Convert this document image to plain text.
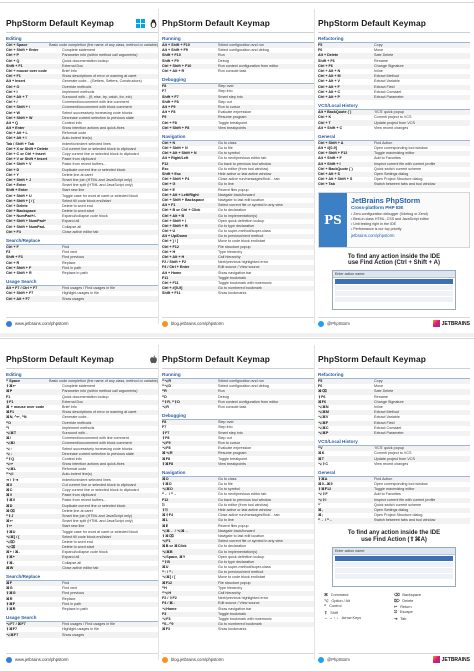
PhpStorm Default Keymap
Editing
Ctrl + Space	Basic code completion (the name of any class, method or variable)
Ctrl + Shift + Enter	Complete statement
Ctrl + P	Parameter info (within method call arguments)
Ctrl + Q	Quick documentation lookup
Shift + F1	External Doc
Ctrl + mouse over code	Brief Info
Ctrl + F1	Show descriptions of error or warning at caret
Alt + Insert	Generate code... (Getters, Setters, Constructors)
Ctrl + O	Override methods
Ctrl + I	Implement methods
Ctrl + Alt + T	Surround with... (if, else, try, catch, for, etc)
Ctrl + /	Comment/uncomment with line comment
Ctrl + Shift + /	Comment/uncomment with block comment
Ctrl + W	Select successively increasing code blocks
Ctrl + Shift + W	Decrease current selection to previous state
Alt + Q	Context info
Alt + Enter	Show intention actions and quick-fixes
Ctrl + Alt + L	Reformat code
Ctrl + Alt + I	Auto-indent line(s)
Tab / Shift + Tab	Indent/unindent selected lines
Ctrl + X or Shift + Delete	Cut current line or selected block to clipboard
Ctrl + C or Ctrl + Insert	Copy current line or selected block to clipboard
Ctrl + V or Shift + Insert	Paste from clipboard
Ctrl + Shift + V	Paste from recent buffers...
Ctrl + D	Duplicate current line or selected block
Ctrl + Y	Delete line at caret
Ctrl + Shift + J	Smart line join (HTML and JavaScript only)
Ctrl + Enter	Smart line split (HTML and JavaScript only)
Shift + Enter	Start new line
Ctrl + Shift + U	Toggle case for word at caret or selected block
Ctrl + Shift + ] / [	Select till code block end/start
Ctrl + Delete	Delete to word end
Ctrl + Backspace	Delete to word start
Ctrl + NumPad+/-	Expand/collapse code block
Ctrl + Shift + NumPad+	Expand all
Ctrl + Shift + NumPad-	Collapse all
Ctrl + F4	Close active editor tab
Search/Replace
Ctrl + F	Find
F3	Find next
Shift + F3	Find previous
Ctrl + R	Replace
Ctrl + Shift + F	Find in path
Ctrl + Shift + R	Replace in path
Usage Search
Alt + F7 / Ctrl + F7	Find usages / Find usages in file
Ctrl + Shift + F7	Highlight usages in file
Ctrl + Alt + F7	Show usages
www.jetbrains.com/phpstorm
PhpStorm Default Keymap
Running
Alt + Shift + F10	Select configuration and run
Alt + Shift + F9	Select configuration and debug
Shift + F10	Run
Shift + F9	Debug
Ctrl + Shift + F10	Run context configuration from editor
Ctrl + Alt + R	Run console task
Debugging
F8	Step over
F7	Step into
Shift + F7	Smart step into
Shift + F8	Step out
Alt + F9	Run to cursor
Alt + F8	Evaluate expression
F9	Resume program
Ctrl + F8	Toggle breakpoint
Ctrl + Shift + F8	View breakpoints
Navigation
Ctrl + N	Go to class
Ctrl + Shift + N	Go to file
Ctrl + Alt + Shift + N	Go to symbol
Alt + Right/Left	Go to next/previous editor tab
F12	Go back to previous tool window
Esc	Go to editor (from tool window)
Shift + Esc	Hide active or last active window
Ctrl + Shift + F4	Close active run/messages/find/... tab
Ctrl + G	Go to line
Ctrl + E	Recent files popup
Ctrl + Alt + Left/Right	Navigate back/forward
Ctrl + Shift + Backspace	Navigate to last edit location
Alt + F1	Select current file or symbol in any view
Ctrl + B or Ctrl + Click	Go to declaration
Ctrl + Alt + B	Go to implementation(s)
Ctrl + Shift + I	Open quick definition lookup
Ctrl + Shift + B	Go to type declaration
Ctrl + U	Go to super-method/super-class
Alt + Up/Down	Go to previous/next method
Ctrl + ] / [	Move to code block end/start
Ctrl + F12	File structure popup
Ctrl + H	Type hierarchy
Ctrl + Alt + H	Call hierarchy
F2 / Shift + F2	Next/previous highlighted error
F4 / Ctrl + Enter	Edit source / View source
Alt + Home	Show navigation bar
F11	Toggle bookmark
Ctrl + F11	Toggle bookmark with mnemonic
Ctrl + #[0-9]	Go to numbered bookmark
Shift + F11	Show bookmarks
blog.jetbrains.com/phpstorm
PhpStorm Default Keymap
Refactoring
F5	Copy
F6	Move
Alt + Delete	Safe Delete
Shift + F6	Rename
Ctrl + F6	Change Signature
Ctrl + Alt + N	Inline
Ctrl + Alt + M	Extract Method
Ctrl + Alt + V	Extract Variable
Ctrl + Alt + F	Extract Field
Ctrl + Alt + C	Extract Constant
Ctrl + Alt + P	Extract Parameter
VCS/Local History
Alt + BackQuote (`)	'VCS' quick popup
Ctrl + K	Commit project to VCS
Ctrl + T	Update project from VCS
Alt + Shift + C	View recent changes
General
Ctrl + Shift + A	Find Action
Alt + #[0-9]	Open corresponding tool window
Ctrl + Shift + F12	Toggle maximizing editor
Alt + Shift + F	Add to Favorites
Alt + Shift + I	Inspect current file with current profile
Ctrl + BackQuote (`)	Quick switch current scheme
Ctrl + Alt + S	Open Settings dialog
Ctrl + Alt + Shift + S	Open Project Structure dialog
Ctrl + Tab	Switch between tabs and tool window
PS
JetBrains PhpStorm
Cross-platform PHP IDE
• Zero-configuration debugger (Xdebug or Zend)
• Best-in-class HTML, CSS and JavaScript editor
• Unit testing right in the IDE
• Performance is our top priority
jetbrains.com/phpstorm
To find any action inside the IDE
use Find Action (Ctrl + Shift + A)
Enter action name:
@PhpStorm	JETBRAINS
PhpStorm Default Keymap
Editing
^ Space	Basic code completion (the name of any class, method or variable)
⇧⌘↩	Complete statement
⌘P	Parameter info (within method call arguments)
F1	Quick documentation lookup
⇧F1	External Doc
⌘ + mouse over code	Brief Info
⌘F1	Show descriptions of error or warning at caret
⌘N, ^↩, ^N	Generate code...
^O	Override methods
^I	Implement methods
⌥⌘T	Surround with...
⌘/	Comment/uncomment with line comment
⌥⌘/	Comment/uncomment with block comment
⌥↑	Select successively increasing code blocks
⌥↓	Decrease current selection to previous state
^⇧Q	Context info
⌥↩	Show intention actions and quick-fixes
⌥⌘L	Reformat code
^⌥I	Auto-indent line(s)
⇥ / ⇧⇥	Indent/unindent selected lines
⌘X	Cut current line or selected block to clipboard
⌘C	Copy current line or selected block to clipboard
⌘V	Paste from clipboard
⇧⌘V	Paste from recent buffers...
⌘D	Duplicate current line or selected block
⌘⌫	Delete line at caret
^⇧J	Smart line join (HTML and JavaScript only)
⌘↩	Smart line split (HTML and JavaScript only)
⇧↩	Start new line
⇧⌘U	Toggle case for word at caret or selected block
⌥⌘] / [	Select till code block end/start
⌥⌦	Delete to word end
⌥⌫	Delete to word start
⌘+ / ⌘-	Expand/collapse code block
⇧⌘+	Expand all
⇧⌘-	Collapse all
⌘W	Close active editor tab
Search/Replace
⌘F	Find
⌘G	Find next
⇧⌘G	Find previous
⌘R	Replace
⇧⌘F	Find in path
⇧⌘R	Replace in path
Usage Search
⌥F7 / ⌘F7	Find usages / Find usages in file
⇧⌘F7	Highlight usages in file
⌥⌘F7	Show usages
www.jetbrains.com/phpstorm
PhpStorm Default Keymap
Running
^⌥R	Select configuration and run
^⌥D	Select configuration and debug
^R	Run
^D	Debug
^⇧R, ^⇧D	Run context configuration from editor
⌥R	Run console task
Debugging
F8	Step over
F7	Step into
⇧F7	Smart step into
⇧F8	Step out
⌥F9	Run to cursor
⌥F8	Evaluate expression
⌘⌥R	Resume program
⌘F8	Toggle breakpoint
⇧⌘F8	View breakpoints
Navigation
⌘O	Go to class
⇧⌘O	Go to file
⌥⌘O	Go to symbol
^← / ^→	Go to next/previous editor tab
F12	Go back to previous tool window
⎋	Go to editor (from tool window)
⇧⎋	Hide active or last active window
⌘⇧F4	Close active run/messages/find/... tab
⌘L	Go to line
⌘E	Recent files popup
⌥⌘← / ⌥⌘→	Navigate back/forward
⇧⌘⌫	Navigate to last edit location
⌥F1	Select current file or symbol in any view
⌘B or ⌘Click	Go to declaration
⌥⌘B	Go to implementation(s)
⌥Space, ⌘Y	Open quick definition lookup
^⇧B	Go to type declaration
⌘U	Go to super-method/super-class
^↑ / ^↓	Go to previous/next method
⌥⌘] / [	Move to code block end/start
⌘F12	File structure popup
^H	Type hierarchy
^⌥H	Call hierarchy
F2 / ⇧F2	Next/previous highlighted error
F4 / ⌘↓	Edit source / View source
⌥Home	Show navigation bar
F3	Toggle bookmark
⌥F3	Toggle bookmark with mnemonic
^0...^9	Go to numbered bookmark
⌘F3	Show bookmarks
blog.jetbrains.com/phpstorm
PhpStorm Default Keymap
Refactoring
F5	Copy
F6	Move
⌘⌫	Safe Delete
⇧F6	Rename
⌘F6	Change Signature
⌥⌘N	Inline
⌥⌘M	Extract Method
⌥⌘V	Extract Variable
⌥⌘F	Extract Field
⌥⌘C	Extract Constant
⌥⌘P	Extract Parameter
VCS/Local History
^V	'VCS' quick popup
⌘K	Commit project to VCS
⌘T	Update project from VCS
⌥⇧C	View recent changes
General
⇧⌘A	Find Action
⌘0...⌘9	Open corresponding tool window
⇧⌘F12	Toggle maximizing editor
⌥⇧F	Add to Favorites
⌥⇧I	Inspect current file with current profile
^`	Quick switch current scheme
⌘,	Open Settings dialog
⌘;	Open Project Structure dialog
^→ / ^←	Switch between tabs and tool window
To find any action inside the IDE
use Find Action (⇧⌘A)
Enter action name:
⌘ Command	⌫ Backspace
⌥ Option / Alt	⌦ Delete
^ Control	↩ Return
⇧ Shift	⎋ Escape
← → ↑ ↓ Arrow Keys	⇥ Tab
@PhpStorm	JETBRAINS
